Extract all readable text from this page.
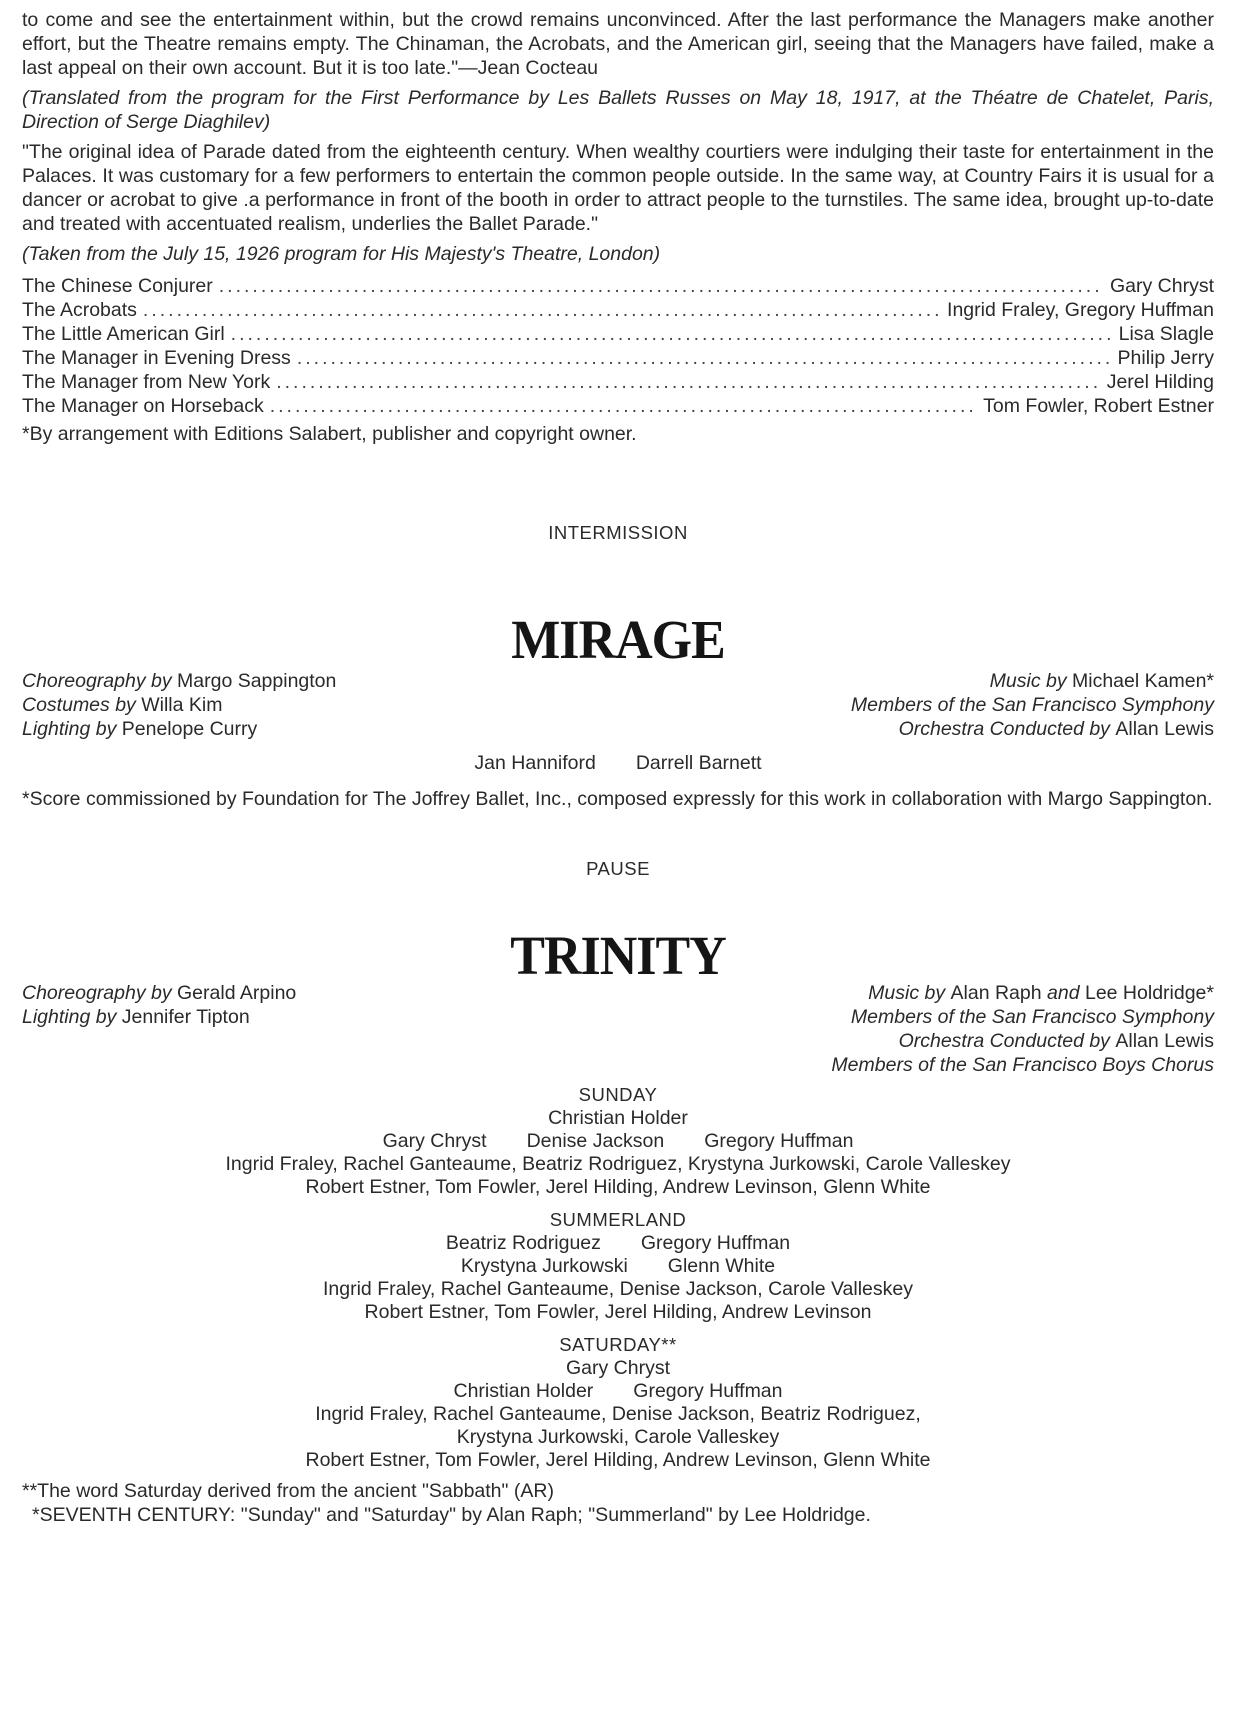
to come and see the entertainment within, but the crowd remains unconvinced. After the last performance the Managers make another effort, but the Theatre remains empty. The Chinaman, the Acrobats, and the American girl, seeing that the Managers have failed, make a last appeal on their own account. But it is too late."—Jean Cocteau

(Translated from the program for the First Performance by Les Ballets Russes on May 18, 1917, at the Théatre de Chatelet, Paris, Direction of Serge Diaghilev)

"The original idea of Parade dated from the eighteenth century. When wealthy courtiers were indulging their taste for entertainment in the Palaces. It was customary for a few performers to entertain the common people outside. In the same way, at Country Fairs it is usual for a dancer or acrobat to give .a performance in front of the booth in order to attract people to the turnstiles. The same idea, brought up-to-date and treated with accentuated realism, underlies the Ballet Parade."

(Taken from the July 15, 1926 program for His Majesty's Theatre, London)

The Chinese Conjurer .....	Gary Chryst
The Acrobats .....	Ingrid Fraley, Gregory Huffman
The Little American Girl .....	Lisa Slagle
The Manager in Evening Dress .....	Philip Jerry
The Manager from New York .....	Jerel Hilding
The Manager on Horseback .....	Tom Fowler, Robert Estner
*By arrangement with Editions Salabert, publisher and copyright owner.
INTERMISSION
MIRAGE
Choreography by Margo Sappington
Costumes by Willa Kim
Lighting by Penelope Curry
Music by Michael Kamen*
Members of the San Francisco Symphony
Orchestra Conducted by Allan Lewis
Jan Hanniford Darrell Barnett
*Score commissioned by Foundation for The Joffrey Ballet, Inc., composed expressly for this work in collaboration with Margo Sappington.
PAUSE
TRINITY
Choreography by Gerald Arpino
Lighting by Jennifer Tipton
Music by Alan Raph and Lee Holdridge*
Members of the San Francisco Symphony
Orchestra Conducted by Allan Lewis
Members of the San Francisco Boys Chorus
SUNDAY
Christian Holder
Gary Chryst Denise Jackson Gregory Huffman
Ingrid Fraley, Rachel Ganteaume, Beatriz Rodriguez, Krystyna Jurkowski, Carole Valleskey
Robert Estner, Tom Fowler, Jerel Hilding, Andrew Levinson, Glenn White
SUMMERLAND
Beatriz Rodriguez Gregory Huffman
Krystyna Jurkowski Glenn White
Ingrid Fraley, Rachel Ganteaume, Denise Jackson, Carole Valleskey
Robert Estner, Tom Fowler, Jerel Hilding, Andrew Levinson
SATURDAY**
Gary Chryst
Christian Holder Gregory Huffman
Ingrid Fraley, Rachel Ganteaume, Denise Jackson, Beatriz Rodriguez,
Krystyna Jurkowski, Carole Valleskey
Robert Estner, Tom Fowler, Jerel Hilding, Andrew Levinson, Glenn White
**The word Saturday derived from the ancient "Sabbath" (AR)
*SEVENTH CENTURY: "Sunday" and "Saturday" by Alan Raph; "Summerland" by Lee Holdridge.
